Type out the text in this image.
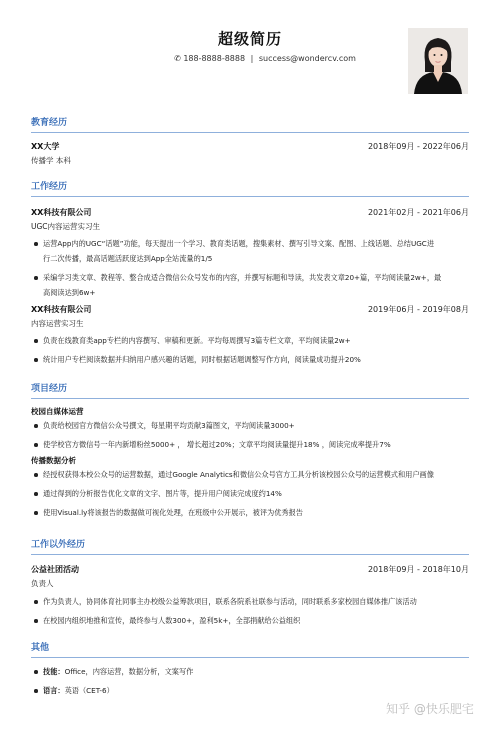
超级简历
✆ 188-8888-8888 | success@wondercv.com
教育经历
XX大学	2018年09月 - 2022年06月
传播学 本科
工作经历
XX科技有限公司	2021年02月 - 2021年06月
UGC内容运营实习生
运营App内的UGC“话题”功能，每天提出一个学习、教育类话题，搜集素材、撰写引导文案、配图、上线话题、总结UGC进
行二次传播，最高话题活跃度达到App全站流量的1/5
采编学习类文章、教程等、整合成适合微信公众号发布的内容，并撰写标题和导读，共发表文章20+篇，平均阅读量2w+，最
高阅读达到6w+
XX科技有限公司	2019年06月 - 2019年08月
内容运营实习生
负责在线教育类app专栏的内容撰写、审稿和更新。平均每周撰写3篇专栏文章，平均阅读量2w+
统计用户专栏阅读数据并归纳用户感兴趣的话题，同时根据话题调整写作方向，阅读量成功提升20%
项目经历
校园自媒体运营
负责给校园官方微信公众号撰文，每星期平均贡献3篇图文，平均阅读量3000+
使学校官方微信号一年内新增粉丝5000+ ， 增长超过20%；文章平均阅读量提升18% ，阅读完成率提升7%
传播数据分析
经授权获得本校公众号的运营数据，通过Google Analytics和微信公众号官方工具分析该校园公众号的运营模式和用户画像
通过得到的分析报告优化文章的文字、图片等，提升用户阅读完成度约14%
使用Visual.ly将该报告的数据做可视化处理，在班级中公开展示，被评为优秀报告
工作以外经历
公益社团活动	2018年09月 - 2018年10月
负责人
作为负责人，协同体育社同事主办校级公益筹款项目，联系各院系社联参与活动，同时联系多家校园自媒体推广该活动
在校园内组织地推和宣传，最终参与人数300+，盈利5k+，全部捐献给公益组织
其他
技能：Office，内容运营，数据分析，文案写作
语言：英语（CET-6）
知乎 @快乐肥宅
